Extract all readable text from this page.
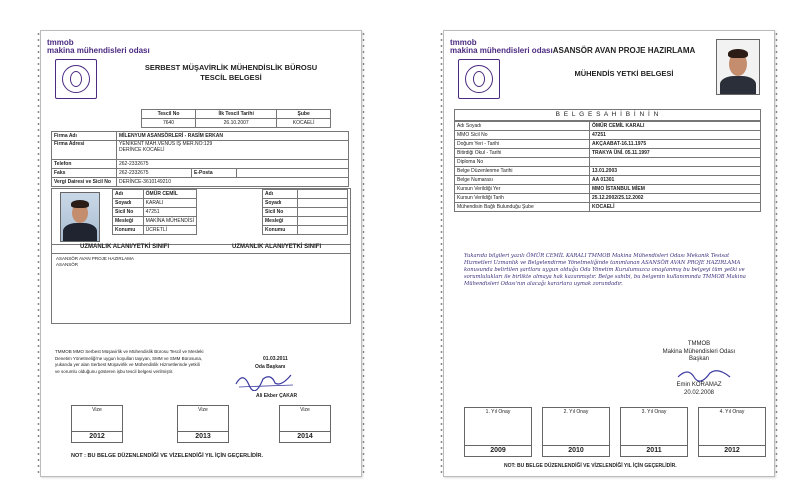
tmmob
makina mühendisleri odası
SERBEST MÜŞAVİRLİK MÜHENDİSLİK BÜROSU
TESCİL BELGESİ
Tescil No	İlk Tescil Tarihi	Şube
7640	26.10.2007	KOCAELİ
Firma Adı	MİLENYUM ASANSÖRLERİ - RASİM ERKAN		
Firma Adresi	YENİKENT MAH.VENÜS İŞ MER.NO:129
DERİNCE KOCAELİ		

Telefon	262-2332675		
Faks	262-2332675	E-Posta	
Vergi Dairesi ve Sicil No	DERİNCE-3610149210		
Adı	ÖMÜR CEMİL
Soyadı	KARALI
Sicil No	47251
Mesleği	MAKİNA MÜHENDİSİ
Konumu	ÜCRETLİ
Adı	
Soyadı	
Sicil No	
Mesleği	
Konumu	
UZMANLIK ALANI/YETKİ SINIFI	UZMANLIK ALANI/YETKİ SINIFI
ASANSÖR AVAN PROJE HAZIRLAMA
ASANSÖR
TMMOB MMO Serbest Müşavirlik ve Mühendislik Bürosu Tescil ve Mesleki Denetim Yönetmeliği'ne uygun koşulları taşıyan, SMM ve SMM Bürosuna, yukarıda yer alan Serbest Müşavirlik ve Mühendislik Hizmetlerinde yetkili ve sorumlu olduğunu gösteren işbu tescil belgesi verilmiştir.
01.03.2011
Oda Başkanı
Ali Ekber ÇAKAR
Vize
2012
Vize
2013
Vize
2014
NOT : BU BELGE DÜZENLENDİĞİ VE VİZELENDİĞİ YIL İÇİN GEÇERLİDİR.
tmmob
makina mühendisleri odası ASANSÖR AVAN PROJE HAZIRLAMA
MÜHENDİS YETKİ BELGESİ
B E L G E S A H İ B İ N İ N
Adı Soyadı	ÖMÜR CEMİL KARALI
MMO Sicil No	47251
Doğum Yeri - Tarihi	AKÇAABAT-16.11.1975
Bitirdiği Okul - Tarihi	TRAKYA ÜNİ. 05.11.1997
Diploma No	
Belge Düzenlenme Tarihi	13.01.2003
Belge Numarası	AA 01301
Kursun Verildiği Yer	MMO İSTANBUL MİEM
Kursun Verildiği Tarih	25.12.2002/25.12.2002
Mühendisin Bağlı Bulunduğu Şube	KOCAELİ
Yukarıda bilgileri yazılı ÖMÜR CEMİL KARALI TMMOB Makina Mühendisleri Odası Mekanik Tesisat Hizmetleri Uzmanlık ve Belgelendirme Yönetmeliğinde tanımlanan ASANSÖR AVAN PROJE HAZIRLAMA konusunda belirtilen şartlara uygun olduğu Oda Yönetim Kurulumuzca onaylanmış bu belgeyi tüm yetki ve sorumlulukları ile birlikte almaya hak kazanmıştır. Belge sahibi, bu belgenin kullanımında TMMOB Makina Mühendisleri Odası'nın alacağı kararlara uymak zorundadır.
TMMOB
Makina Mühendisleri Odası
Başkan
Emin KORAMAZ
20.02.2008
1. Yıl Onay
2009
2. Yıl Onay
2010
3. Yıl Onay
2011
4. Yıl Onay
2012
NOT: BU BELGE DÜZENLENDİĞİ VE VİZELENDİĞİ YIL İÇİN GEÇERLİDİR.
